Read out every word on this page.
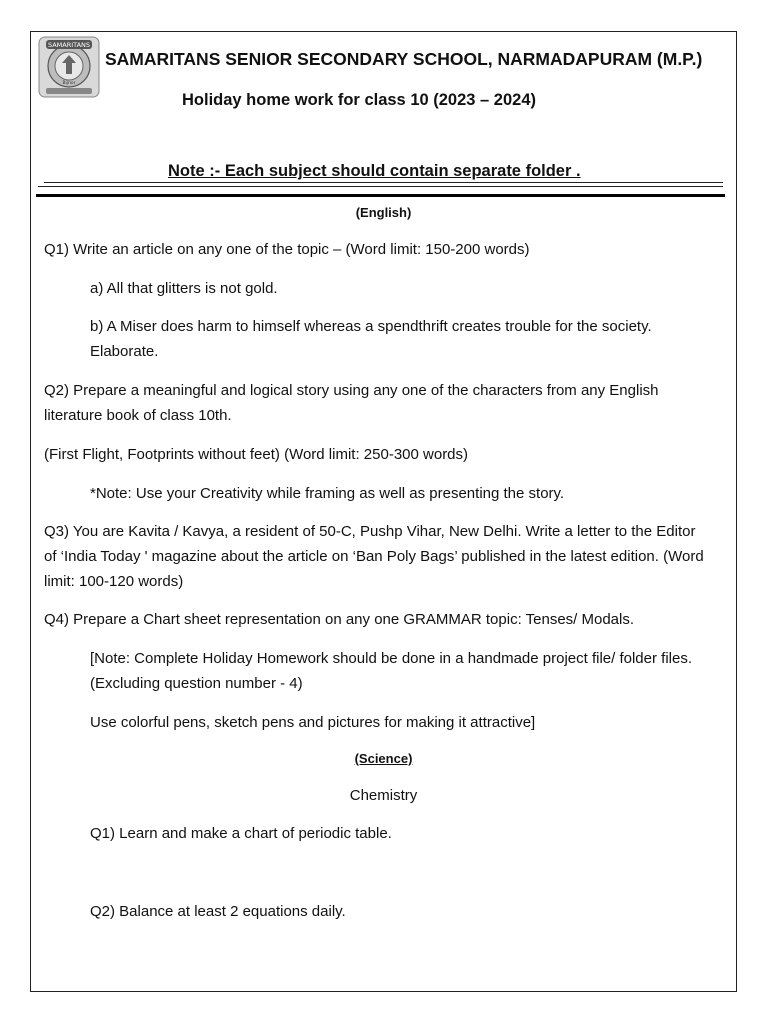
SAMARITANS
Bijnor
SAMARITANS SENIOR SECONDARY SCHOOL, NARMADAPURAM (M.P.)
Holiday home work for class 10 (2023 – 2024)
Note :- Each subject should contain separate folder .
(English)
Q1) Write an article on any one of the topic – (Word limit: 150-200 words)
a) All that glitters is not gold.
b) A Miser does harm to himself whereas a spendthrift creates trouble for the society. Elaborate.
Q2) Prepare a meaningful and logical story using any one of the characters from any English literature book of class 10th.
(First Flight, Footprints without feet) (Word limit: 250-300 words)
*Note: Use your Creativity while framing as well as presenting the story.
Q3) You are Kavita / Kavya, a resident of 50-C, Pushp Vihar, New Delhi. Write a letter to the Editor of ‘India Today ' magazine about the article on ‘Ban Poly Bags’ published in the latest edition. (Word limit: 100-120 words)
Q4) Prepare a Chart sheet representation on any one GRAMMAR topic: Tenses/ Modals.
[Note: Complete Holiday Homework should be done in a handmade project file/ folder files. (Excluding question number - 4)
Use colorful pens, sketch pens and pictures for making it attractive]
(Science)
Chemistry
Q1) Learn and make a chart of periodic table.
Q2) Balance at least 2 equations daily.
